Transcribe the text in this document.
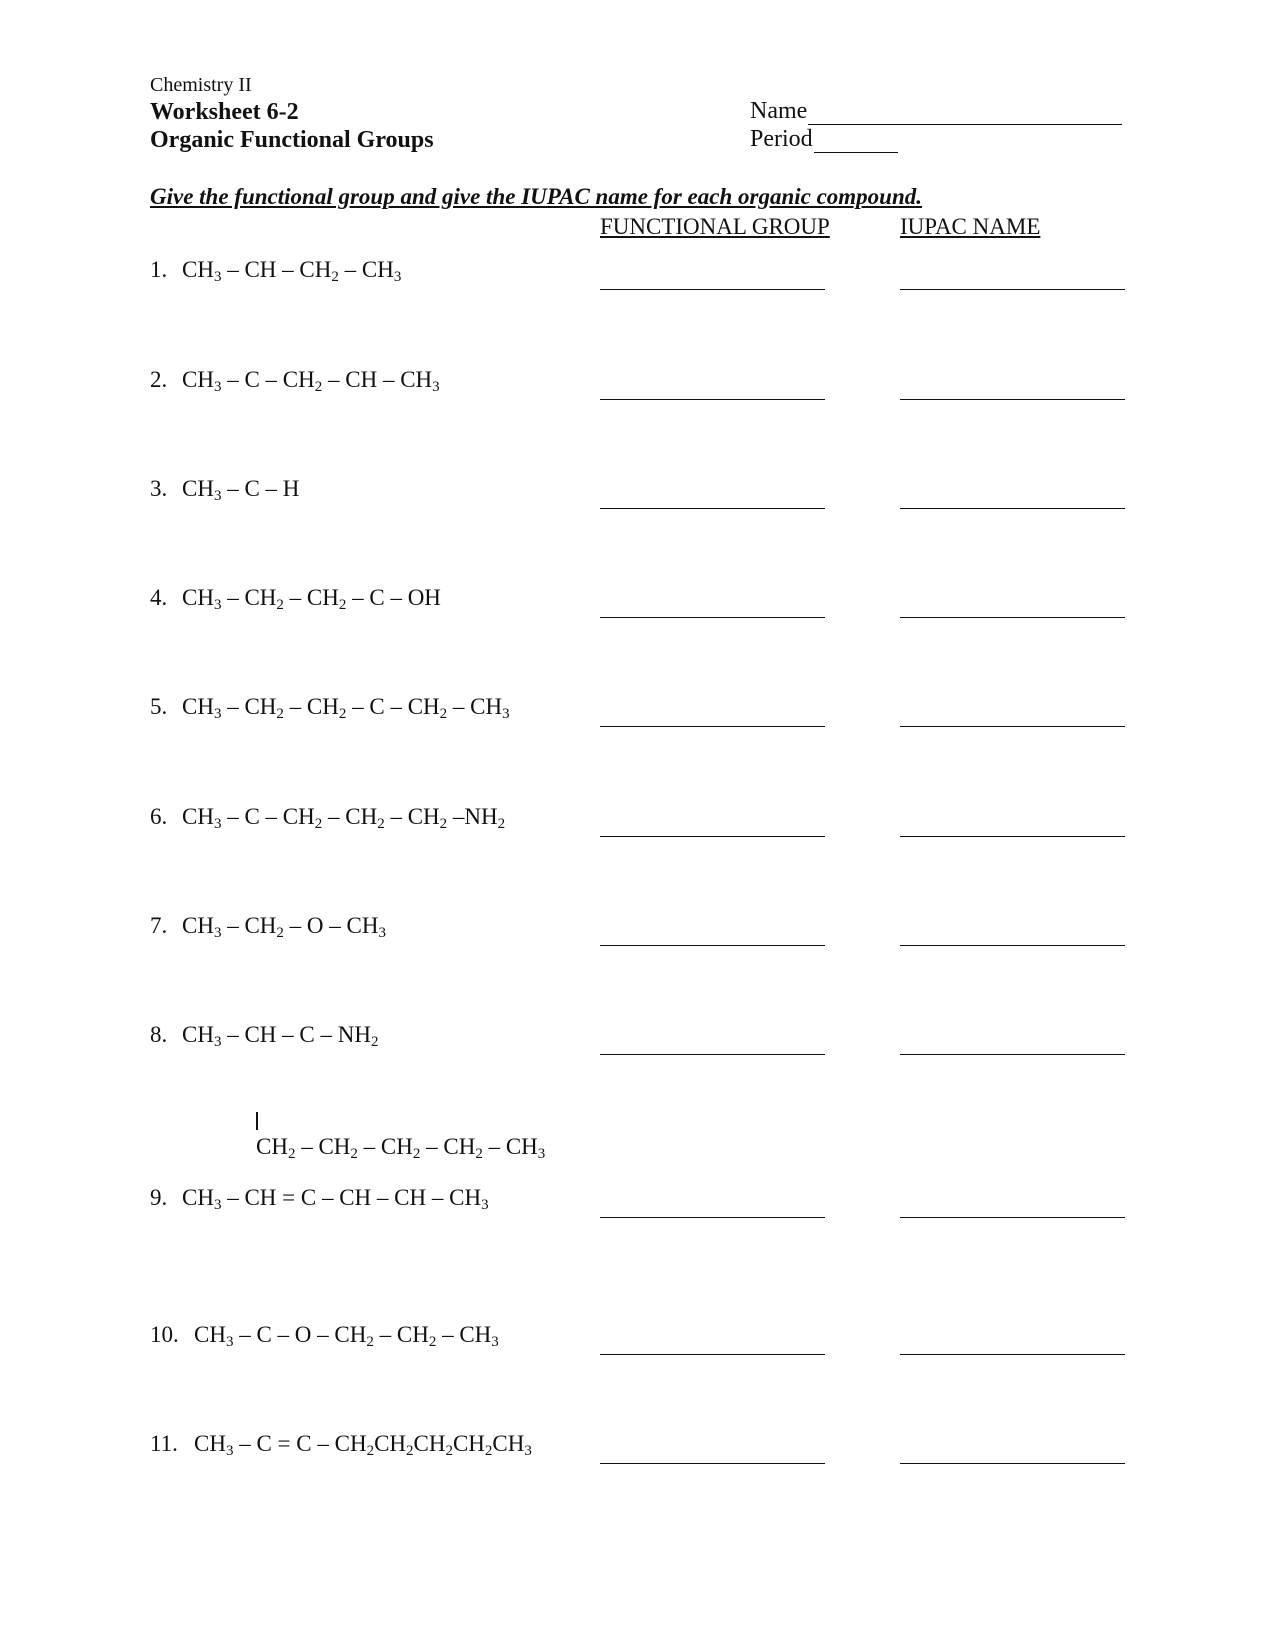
Chemistry II
Worksheet 6-2
Organic Functional Groups
Name
Period
Give the functional group and give the IUPAC name for each organic compound.
FUNCTIONAL GROUP	IUPAC NAME
1. $CH_3$ – CH – $CH_2 - CH_3$
2. $CH_3$ – C – $CH_2$ – CH – $CH_3$
3. $CH_3$ – C – H
4. $CH_3 - CH_2 - CH_2$ – C – OH
5. $CH_3 - CH_2 - CH_2$ – C – $CH_2 - CH_3$
6. $CH_3$ – C – $CH_2 - CH_2 - CH_2$ $-NH_2$
7. $CH_3 - CH_2$ – O – $CH_3$
8. $CH_3$ – CH – C – $NH_2$
9. $CH_3$ – CH = C – CH – CH – $CH_3$
10. $CH_3$ – C – O – $CH_2 - CH_2 - CH_3$
11. $CH_3 - C = C - CH_2CH_2CH_2CH_2CH_3$
$CH_2 - CH_2 - CH_2 - CH_2 - CH_3$
